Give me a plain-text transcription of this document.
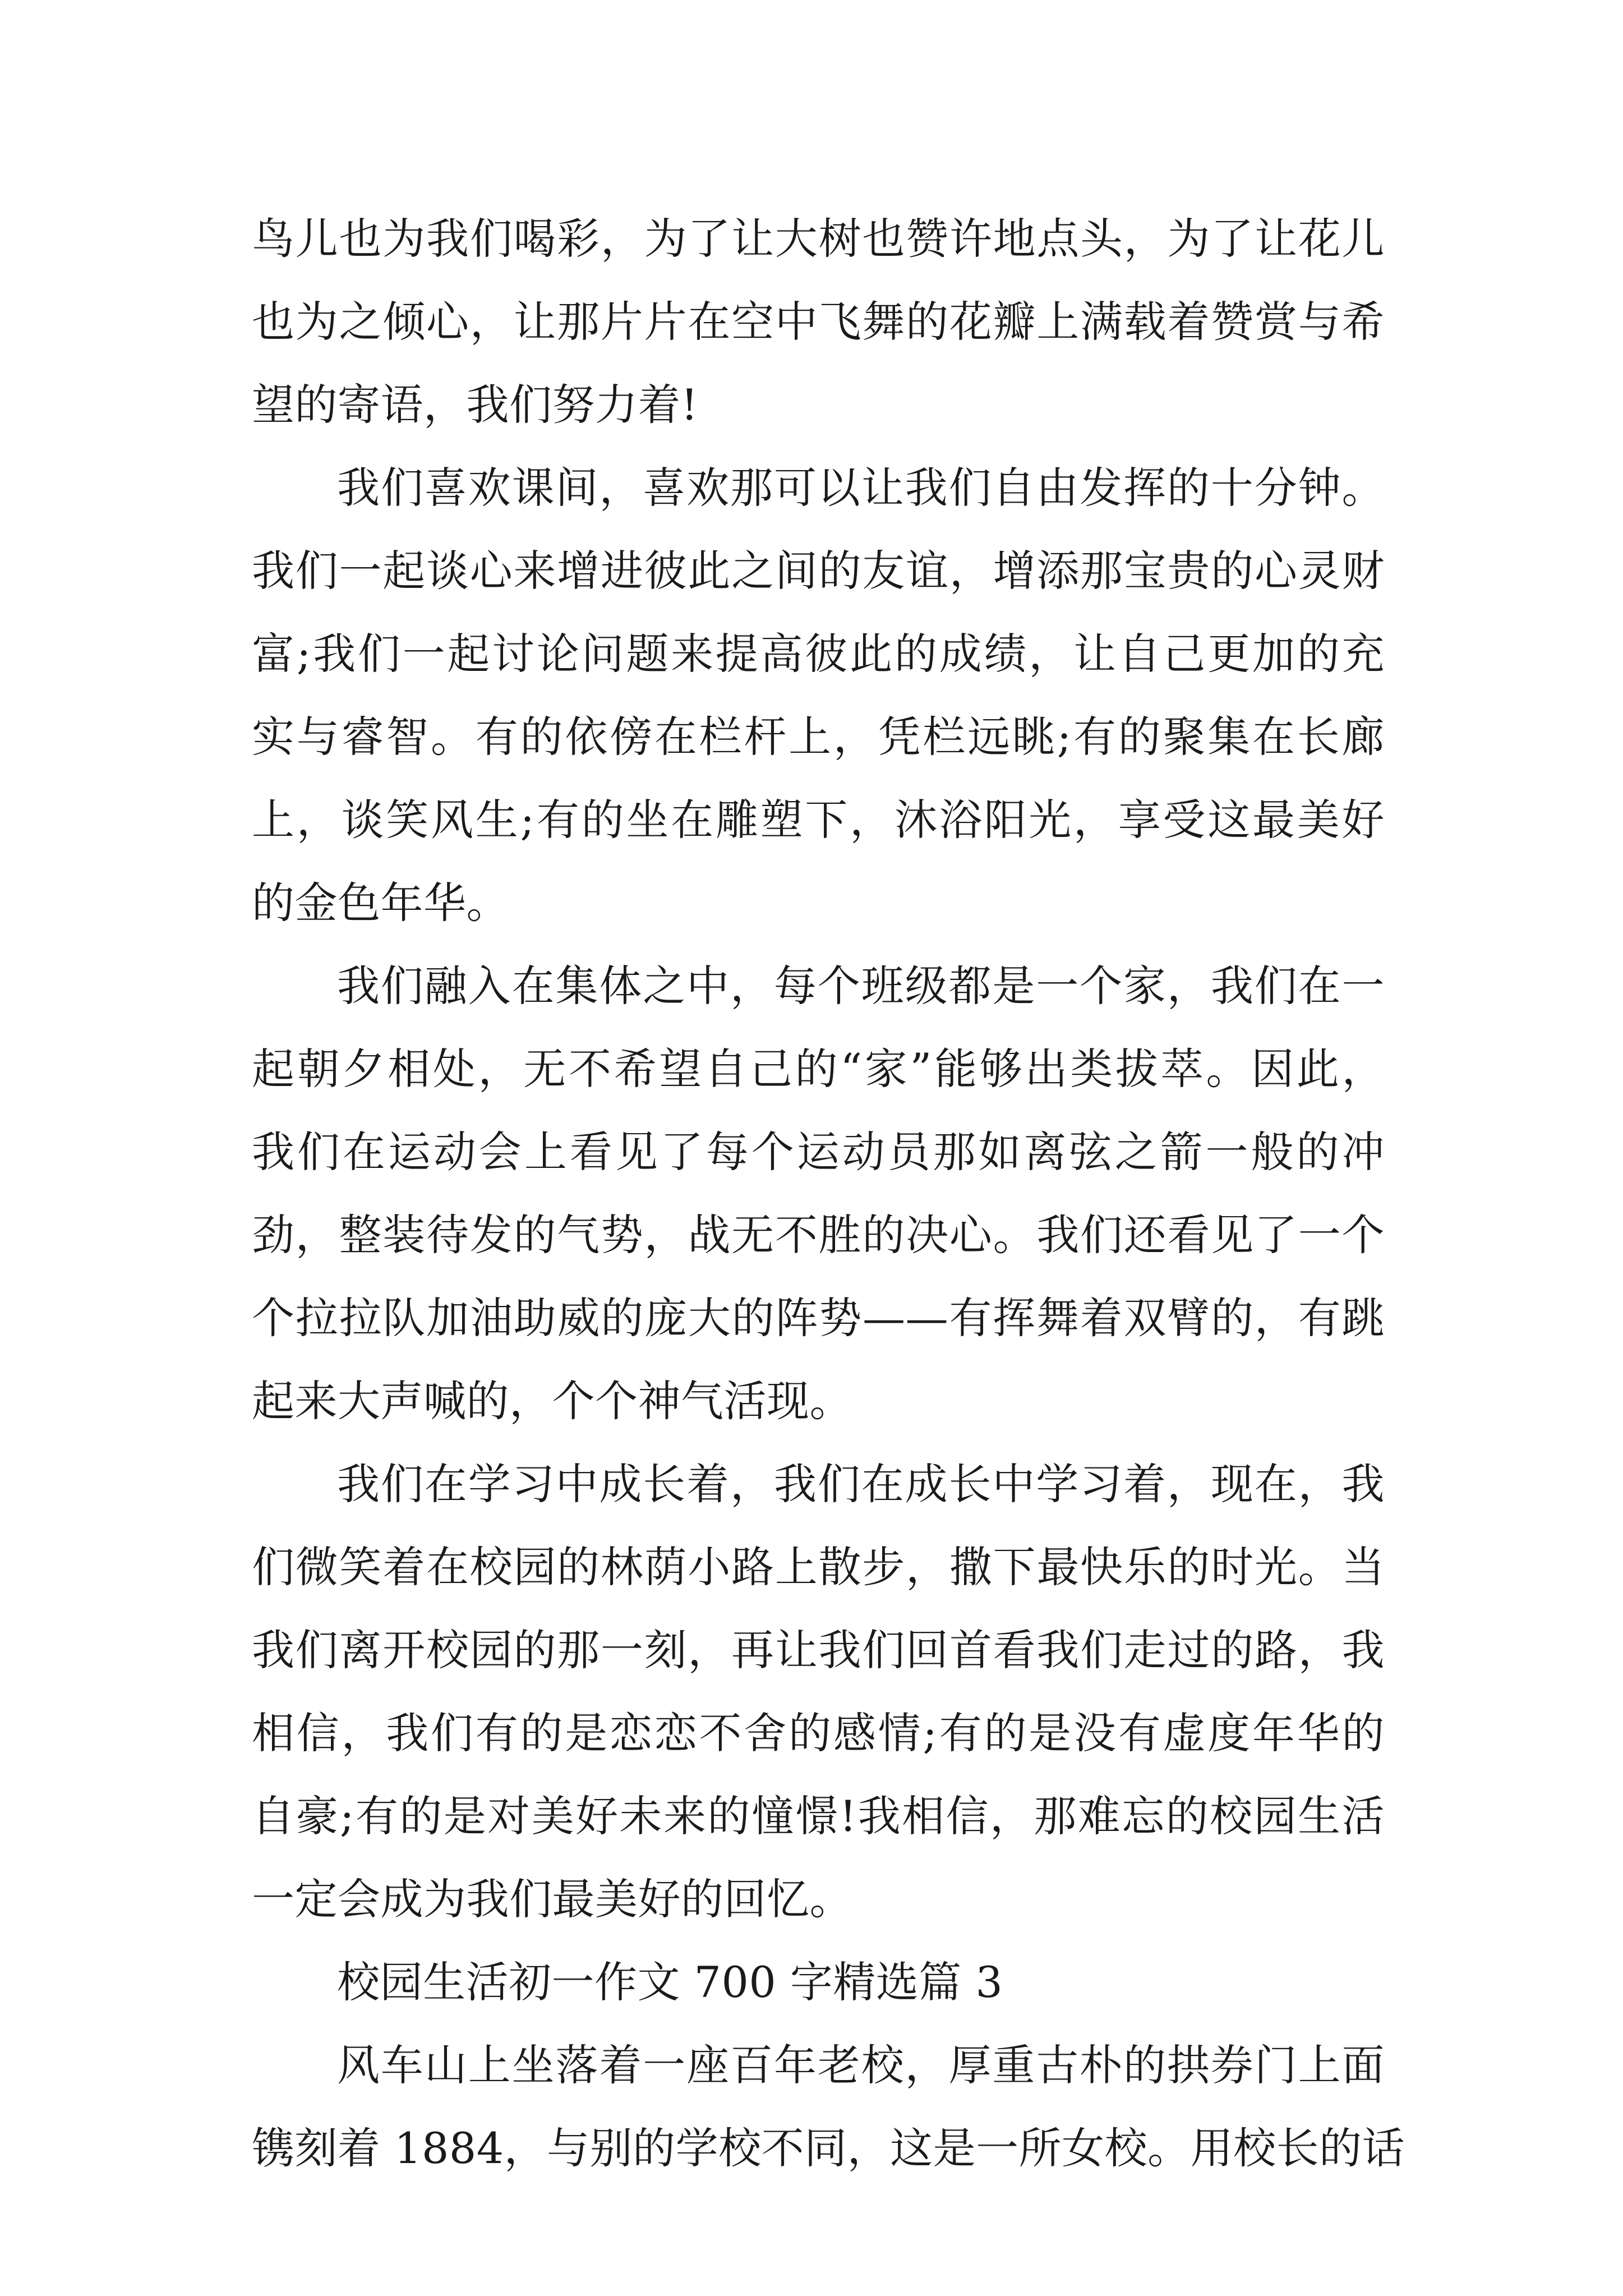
鸟儿也为我们喝彩，为了让大树也赞许地点头，为了让花儿
也为之倾心，让那片片在空中飞舞的花瓣上满载着赞赏与希
望的寄语，我们努力着!
我们喜欢课间，喜欢那可以让我们自由发挥的十分钟。
我们一起谈心来增进彼此之间的友谊，增添那宝贵的心灵财
富;我们一起讨论问题来提高彼此的成绩，让自己更加的充
实与睿智。有的依傍在栏杆上，凭栏远眺;有的聚集在长廊
上，谈笑风生;有的坐在雕塑下，沐浴阳光，享受这最美好
的金色年华。
我们融入在集体之中，每个班级都是一个家，我们在一
起朝夕相处，无不希望自己的“家”能够出类拔萃。因此，
我们在运动会上看见了每个运动员那如离弦之箭一般的冲
劲，整装待发的气势，战无不胜的决心。我们还看见了一个
个拉拉队加油助威的庞大的阵势——有挥舞着双臂的，有跳
起来大声喊的，个个神气活现。
我们在学习中成长着，我们在成长中学习着，现在，我
们微笑着在校园的林荫小路上散步，撒下最快乐的时光。当
我们离开校园的那一刻，再让我们回首看我们走过的路，我
相信，我们有的是恋恋不舍的感情;有的是没有虚度年华的
自豪;有的是对美好未来的憧憬!我相信，那难忘的校园生活
一定会成为我们最美好的回忆。
校园生活初一作文 700 字精选篇 3
风车山上坐落着一座百年老校，厚重古朴的拱券门上面
镌刻着 1884，与别的学校不同，这是一所女校。用校长的话
